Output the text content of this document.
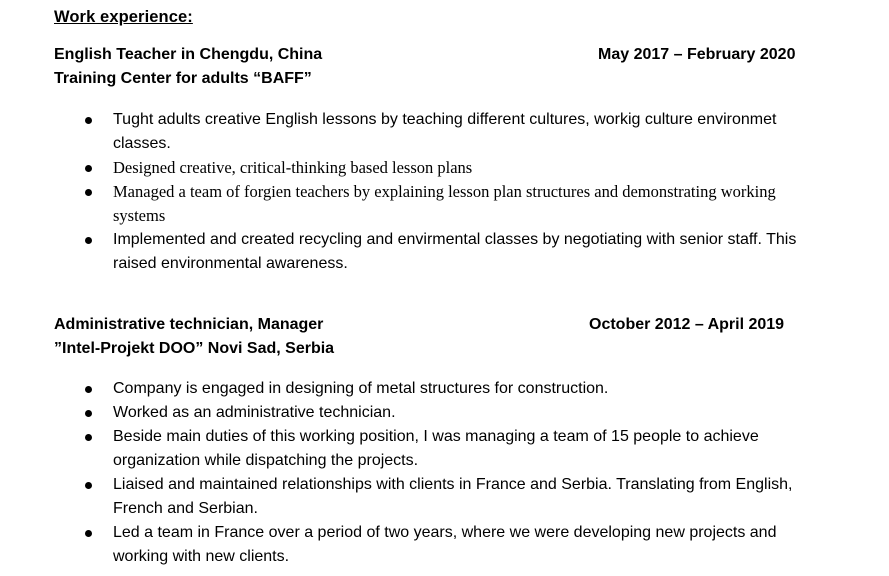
Work experience:
English Teacher in Chengdu, China
Training Center for adults “BAFF”
May 2017 – February 2020
Tught adults creative English lessons by teaching different cultures, workig culture environmet classes.
Designed creative, critical-thinking based lesson plans
Managed a team of forgien teachers by explaining lesson plan structures and demonstrating working systems
Implemented and created recycling and envirmental classes by negotiating with senior staff. This raised environmental awareness.
Administrative technician, Manager
”Intel-Projekt DOO” Novi Sad, Serbia
October 2012 – April 2019
Company is engaged in designing of metal structures for construction.
Worked as an administrative technician.
Beside main duties of this working position, I was managing a team of 15 people to achieve organization while dispatching the projects.
Liaised and maintained relationships with clients in France and Serbia. Translating from English, French and Serbian.
Led a team in France over a period of two years, where we were developing new projects and working with new clients.
